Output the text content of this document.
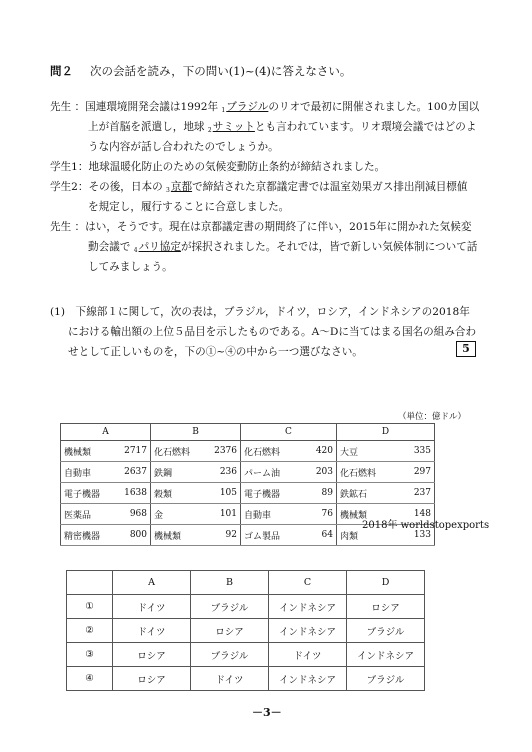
問２ 次の会話を読み，下の問い(1)~(4)に答えなさい。
先生 ：国連環境開発会議は1992年 $_1$ブラジルのリオで最初に開催されました。100カ国以
上が首脳を派遣し，地球 $_2$サミットとも言われています。リオ環境会議ではどのよ
うな内容が話し合われたのでしょうか。
学生1：地球温暖化防止のための気候変動防止条約が締結されました。
学生2：その後，日本の $_3$京都で締結された京都議定書では温室効果ガス排出削減目標値
を規定し，履行することに合意しました。
先生 ：はい，そうです。現在は京都議定書の期間終了に伴い，2015年に開かれた気候変
動会議で $_4$パリ協定が採択されました。それでは，皆で新しい気候体制について話
してみましょう。
(1)　下線部１に関して，次の表は，ブラジル，ドイツ，ロシア，インドネシアの2018年
における輸出額の上位５品目を示したものである。A～Dに当てはまる国名の組み合わ
せとして正しいものを，下の①~④の中から一つ選びなさい。	5
（単位：億ドル）
A		B		C		D	
機械類	2717	化石燃料	2376	化石燃料	420	大豆	335
自動車	2637	鉄鋼	236	パーム油	203	化石燃料	297
電子機器	1638	穀類	105	電子機器	89	鉄鉱石	237
医薬品	968	金	101	自動車	76	機械類	148
精密機器	800	機械類	92	ゴム製品	64	肉類	133
2018年 worldstopexports
	A	B	C	D
①	ドイツ	ブラジル	インドネシア	ロシア
②	ドイツ	ロシア	インドネシア	ブラジル
③	ロシア	ブラジル	ドイツ	インドネシア
④	ロシア	ドイツ	インドネシア	ブラジル
－3－
